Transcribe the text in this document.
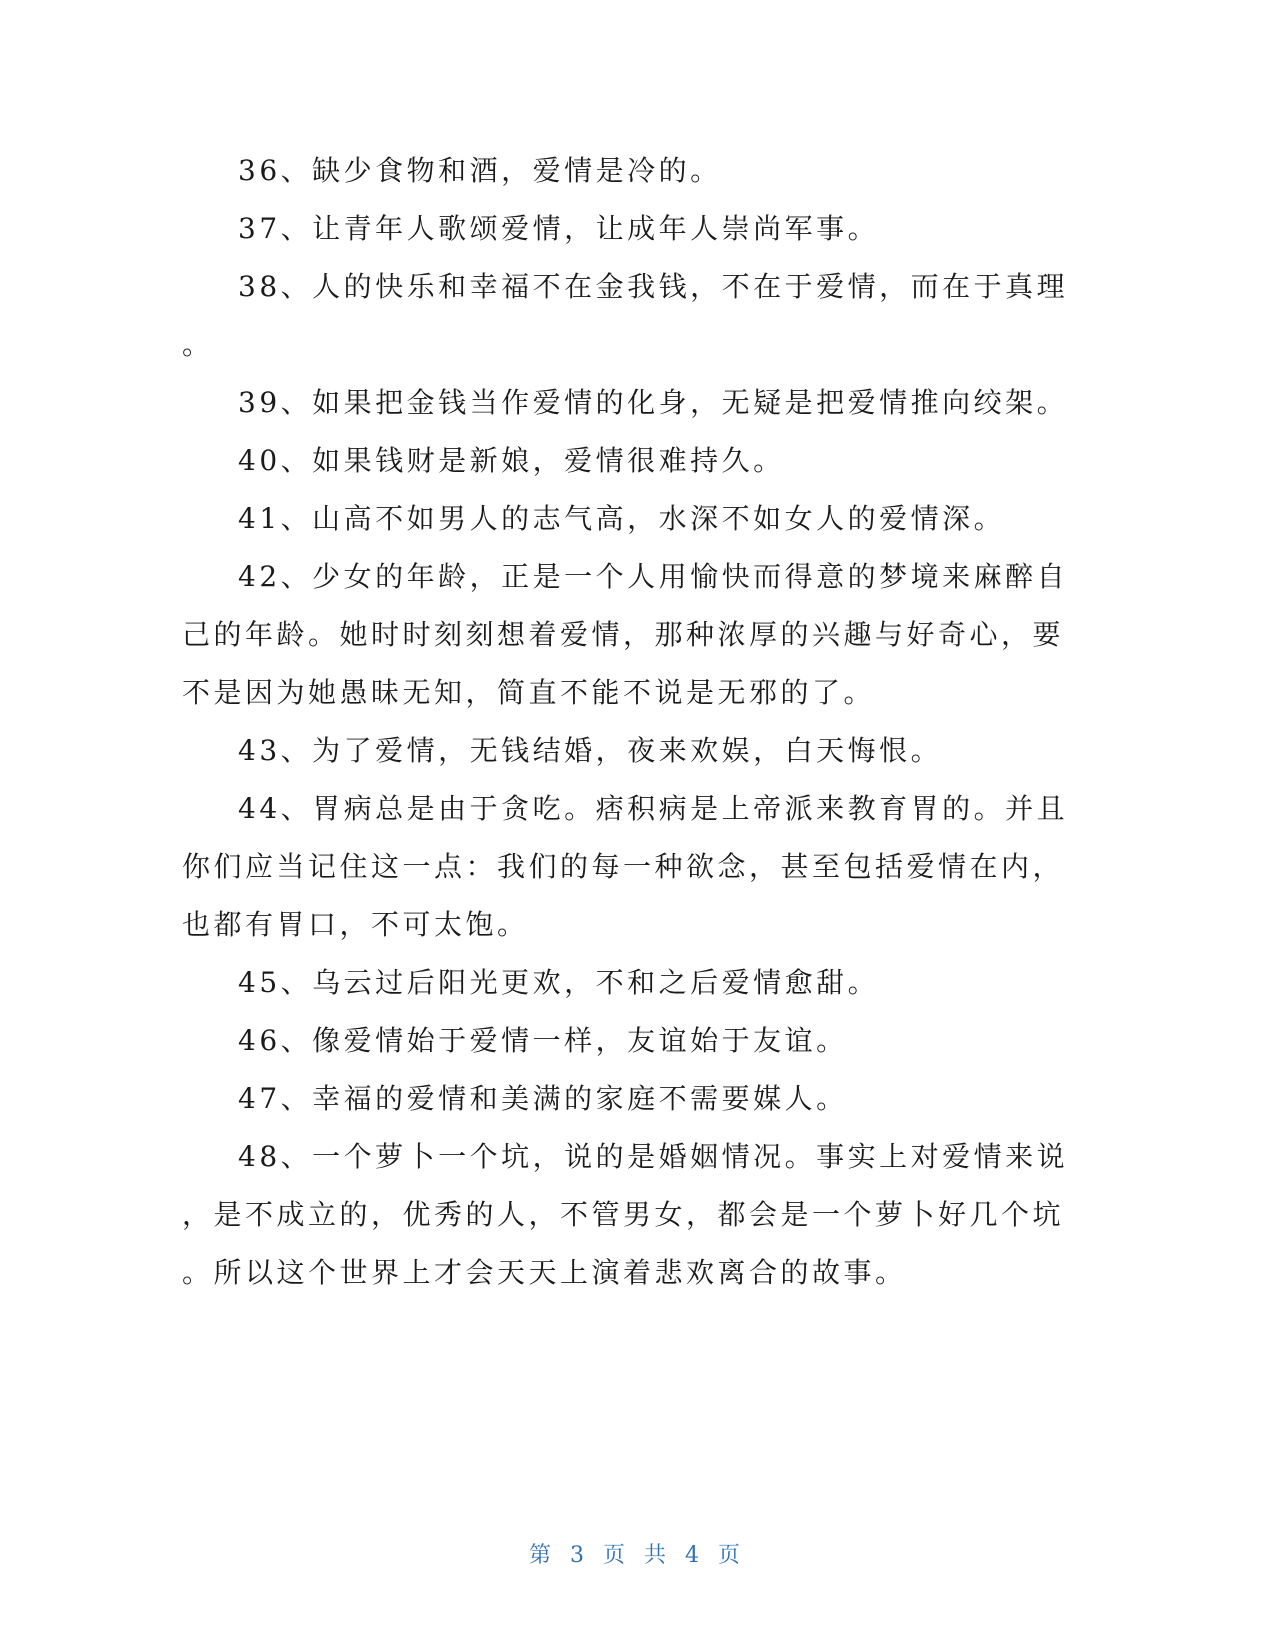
36、缺少食物和酒，爱情是冷的。

37、让青年人歌颂爱情，让成年人崇尚军事。

38、人的快乐和幸福不在金我钱，不在于爱情，而在于真理
。

39、如果把金钱当作爱情的化身，无疑是把爱情推向绞架。

40、如果钱财是新娘，爱情很难持久。

41、山高不如男人的志气高，水深不如女人的爱情深。

42、少女的年龄，正是一个人用愉快而得意的梦境来麻醉自
己的年龄。她时时刻刻想着爱情，那种浓厚的兴趣与好奇心，要
不是因为她愚昧无知，简直不能不说是无邪的了。

43、为了爱情，无钱结婚，夜来欢娱，白天悔恨。

44、胃病总是由于贪吃。痞积病是上帝派来教育胃的。并且
你们应当记住这一点：我们的每一种欲念，甚至包括爱情在内，
也都有胃口，不可太饱。

45、乌云过后阳光更欢，不和之后爱情愈甜。

46、像爱情始于爱情一样，友谊始于友谊。

47、幸福的爱情和美满的家庭不需要媒人。

48、一个萝卜一个坑，说的是婚姻情况。事实上对爱情来说
，是不成立的，优秀的人，不管男女，都会是一个萝卜好几个坑
。所以这个世界上才会天天上演着悲欢离合的故事。

第 3 页 共 4 页
